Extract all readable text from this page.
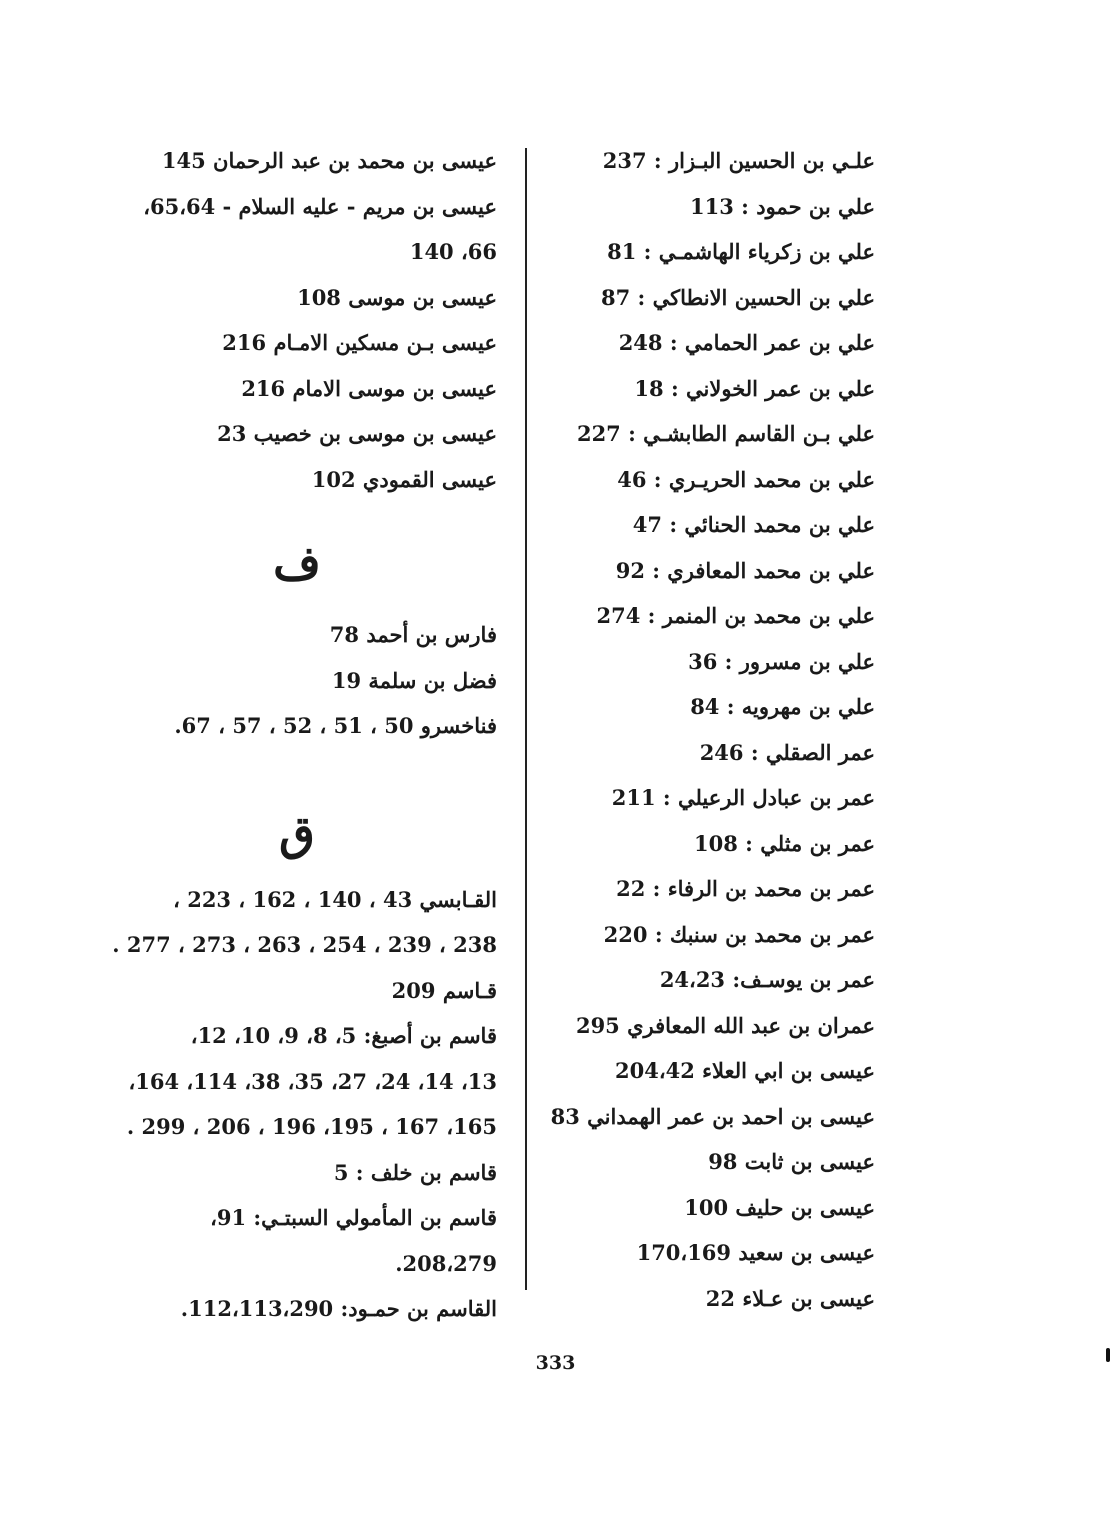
علـي بن الحسين البـزار : 237
علي بن حمود : 113
علي بن زكرياء الهاشمـي : 81
علي بن الحسين الانطاكي : 87
علي بن عمر الحمامي : 248
علي بن عمر الخولاني : 18
علي بـن القاسم الطابشـي : 227
علي بن محمد الحريـري : 46
علي بن محمد الحنائي : 47
علي بن محمد المعافري : 92
علي بن محمد بن المنمر : 274
علي بن مسرور : 36
علي بن مهرويه : 84
عمر الصقلي : 246
عمر بن عبادل الرعيلي : 211
عمر بن مثلي : 108
عمر بن محمد بن الرفاء : 22
عمر بن محمد بن سنبك : 220
عمر بن يوسـف: 24،23
عمران بن عبد الله المعافري 295
عيسى بن ابي العلاء 204،42
عيسى بن احمد بن عمر الهمداني 83
عيسى بن ثابت 98
عيسى بن حليف 100
عيسى بن سعيد 170،169
عيسى بن عـلاء 22
عيسى بن محمد بن عبد الرحمان 145
عيسى بن مريم - عليه السلام - 65،64،
66، 140
عيسى بن موسى 108
عيسى بـن مسكين الامـام 216
عيسى بن موسى الامام 216
عيسى بن موسى بن خصيب 23
عيسى القمودي 102
ف
فارس بن أحمد 78
فضل بن سلمة 19
فناخسرو 50 ، 51 ، 52 ، 57 ، 67.
ق
القـابسي 43 ، 140 ، 162 ، 223 ،
238 ، 239 ، 254 ، 263 ، 273 ، 277 .
قـاسم 209
قاسم بن أصبغ: 5، 8، 9، 10، 12،
13، 14، 24، 27، 35، 38، 114، 164،
165، 167 ، 195، 196 ، 206 ، 299 .
قاسم بن خلف : 5
قاسم بن المأمولي السبتـي: 91،
208،279.
القاسم بن حمـود: 112،113،290.
333
